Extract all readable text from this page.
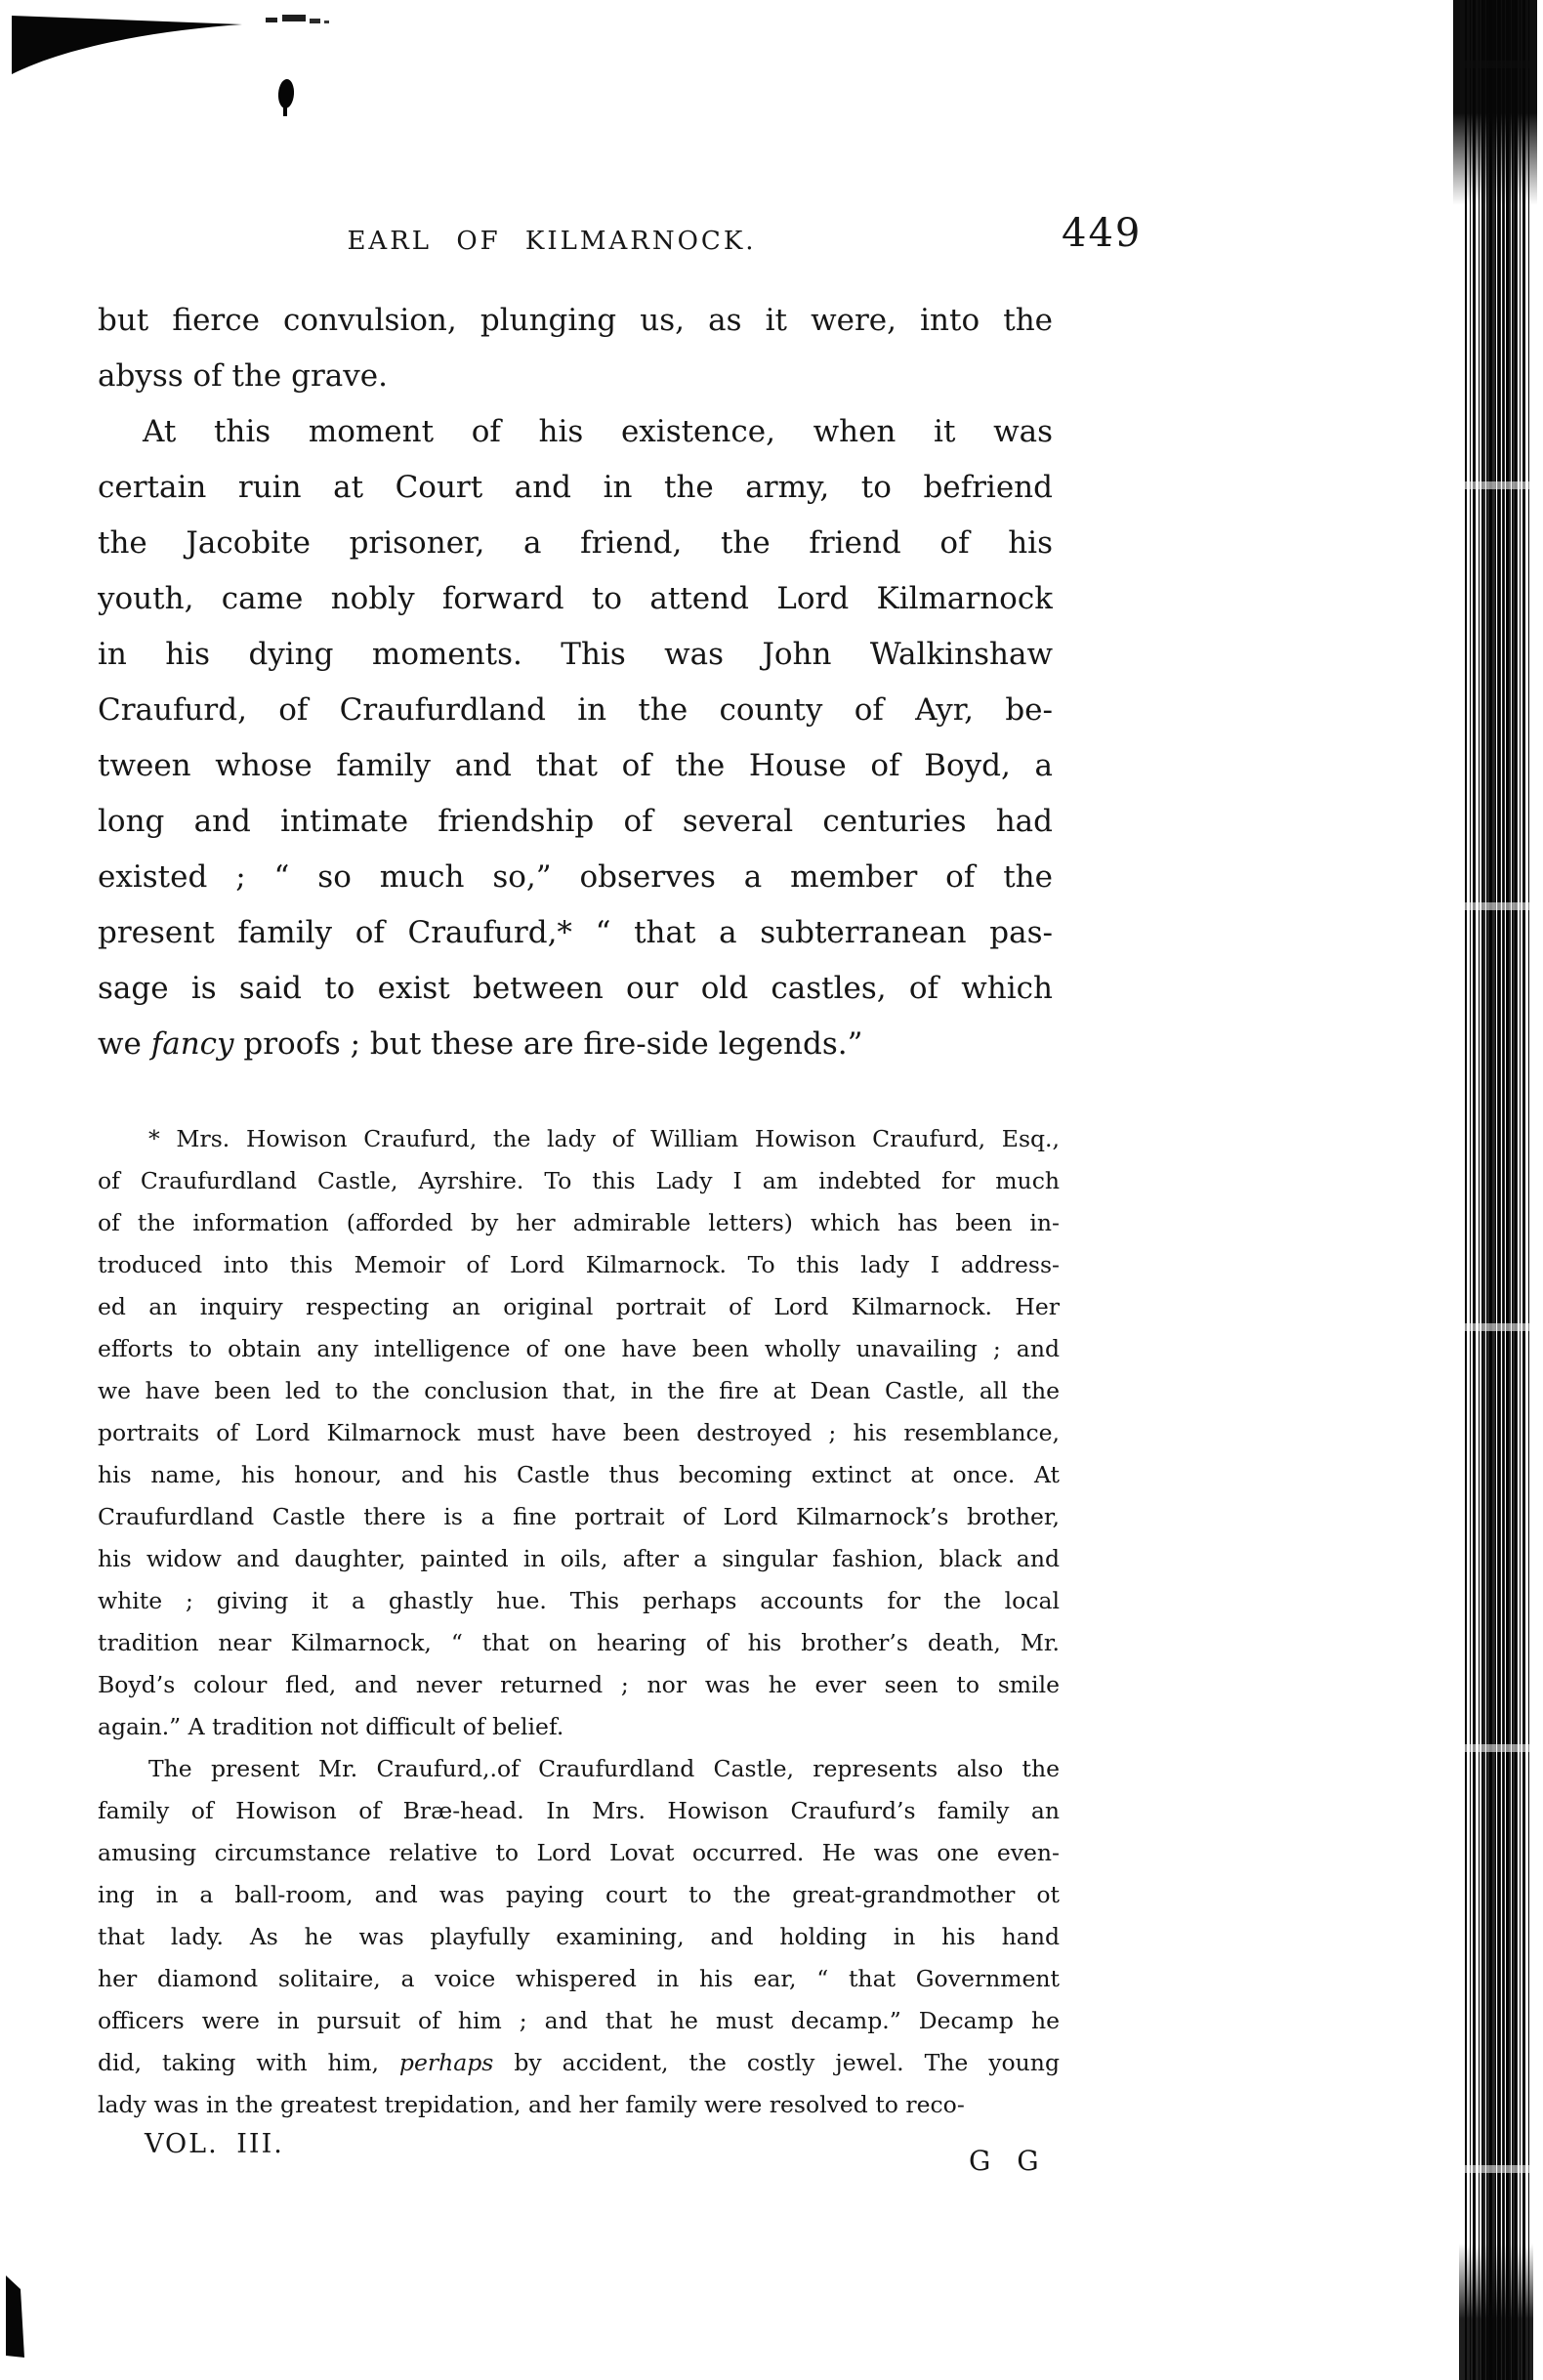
EARL OF KILMARNOCK.	449
but fierce convulsion, plunging us, as it were, into the
abyss of the grave.
At this moment of his existence, when it was
certain ruin at Court and in the army, to befriend
the Jacobite prisoner, a friend, the friend of his
youth, came nobly forward to attend Lord Kilmarnock
in his dying moments. This was John Walkinshaw
Craufurd, of Craufurdland in the county of Ayr, be-
tween whose family and that of the House of Boyd, a
long and intimate friendship of several centuries had
existed ; “ so much so,” observes a member of the
present family of Craufurd,* “ that a subterranean pas-
sage is said to exist between our old castles, of which
we fancy proofs ; but these are fire-side legends.”
* Mrs. Howison Craufurd, the lady of William Howison Craufurd, Esq.,
of Craufurdland Castle, Ayrshire. To this Lady I am indebted for much
of the information (afforded by her admirable letters) which has been in-
troduced into this Memoir of Lord Kilmarnock. To this lady I address-
ed an inquiry respecting an original portrait of Lord Kilmarnock. Her
efforts to obtain any intelligence of one have been wholly unavailing ; and
we have been led to the conclusion that, in the fire at Dean Castle, all the
portraits of Lord Kilmarnock must have been destroyed ; his resemblance,
his name, his honour, and his Castle thus becoming extinct at once. At
Craufurdland Castle there is a fine portrait of Lord Kilmarnock’s brother,
his widow and daughter, painted in oils, after a singular fashion, black and
white ; giving it a ghastly hue. This perhaps accounts for the local
tradition near Kilmarnock, “ that on hearing of his brother’s death, Mr.
Boyd’s colour fled, and never returned ; nor was he ever seen to smile
again.” A tradition not difficult of belief.
The present Mr. Craufurd,.of Craufurdland Castle, represents also the
family of Howison of Bræ-head. In Mrs. Howison Craufurd’s family an
amusing circumstance relative to Lord Lovat occurred. He was one even-
ing in a ball-room, and was paying court to the great-grandmother ot
that lady. As he was playfully examining, and holding in his hand
her diamond solitaire, a voice whispered in his ear, “ that Government
officers were in pursuit of him ; and that he must decamp.” Decamp he
did, taking with him, perhaps by accident, the costly jewel. The young
lady was in the greatest trepidation, and her family were resolved to reco-
VOL. III.
G G
